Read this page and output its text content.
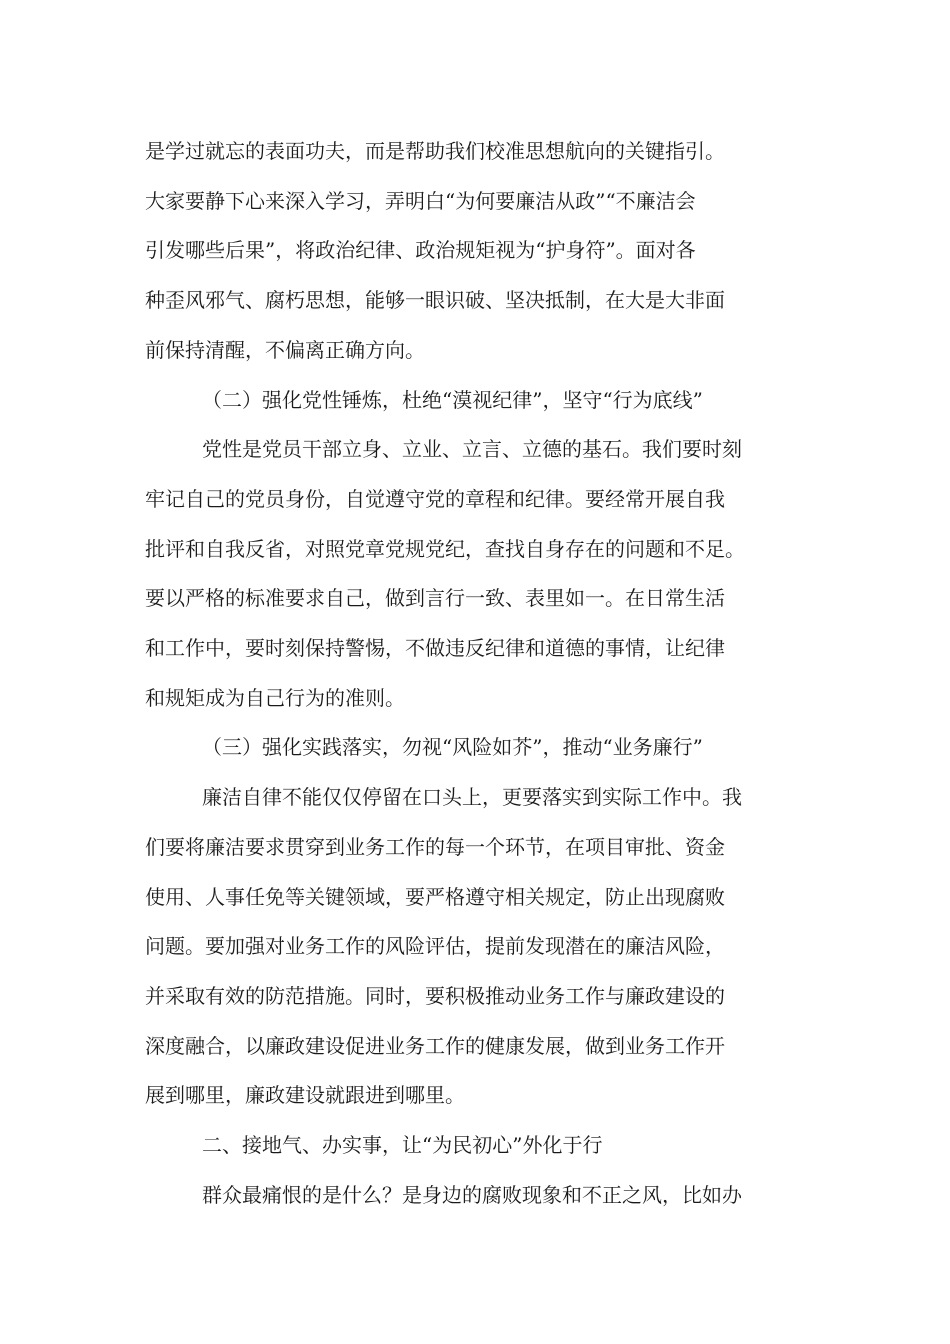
是学过就忘的表面功夫，而是帮助我们校准思想航向的关键指引。
大家要静下心来深入学习，弄明白“为何要廉洁从政”“不廉洁会
引发哪些后果”，将政治纪律、政治规矩视为“护身符”。面对各
种歪风邪气、腐朽思想，能够一眼识破、坚决抵制，在大是大非面
前保持清醒，不偏离正确方向。
（二）强化党性锤炼，杜绝“漠视纪律”，坚守“行为底线”
党性是党员干部立身、立业、立言、立德的基石。我们要时刻
牢记自己的党员身份，自觉遵守党的章程和纪律。要经常开展自我
批评和自我反省，对照党章党规党纪，查找自身存在的问题和不足。
要以严格的标准要求自己，做到言行一致、表里如一。在日常生活
和工作中，要时刻保持警惕，不做违反纪律和道德的事情，让纪律
和规矩成为自己行为的准则。
（三）强化实践落实，勿视“风险如芥”，推动“业务廉行”
廉洁自律不能仅仅停留在口头上，更要落实到实际工作中。我
们要将廉洁要求贯穿到业务工作的每一个环节，在项目审批、资金
使用、人事任免等关键领域，要严格遵守相关规定，防止出现腐败
问题。要加强对业务工作的风险评估，提前发现潜在的廉洁风险，
并采取有效的防范措施。同时，要积极推动业务工作与廉政建设的
深度融合，以廉政建设促进业务工作的健康发展，做到业务工作开
展到哪里，廉政建设就跟进到哪里。
二、接地气、办实事，让“为民初心”外化于行
群众最痛恨的是什么？是身边的腐败现象和不正之风，比如办
